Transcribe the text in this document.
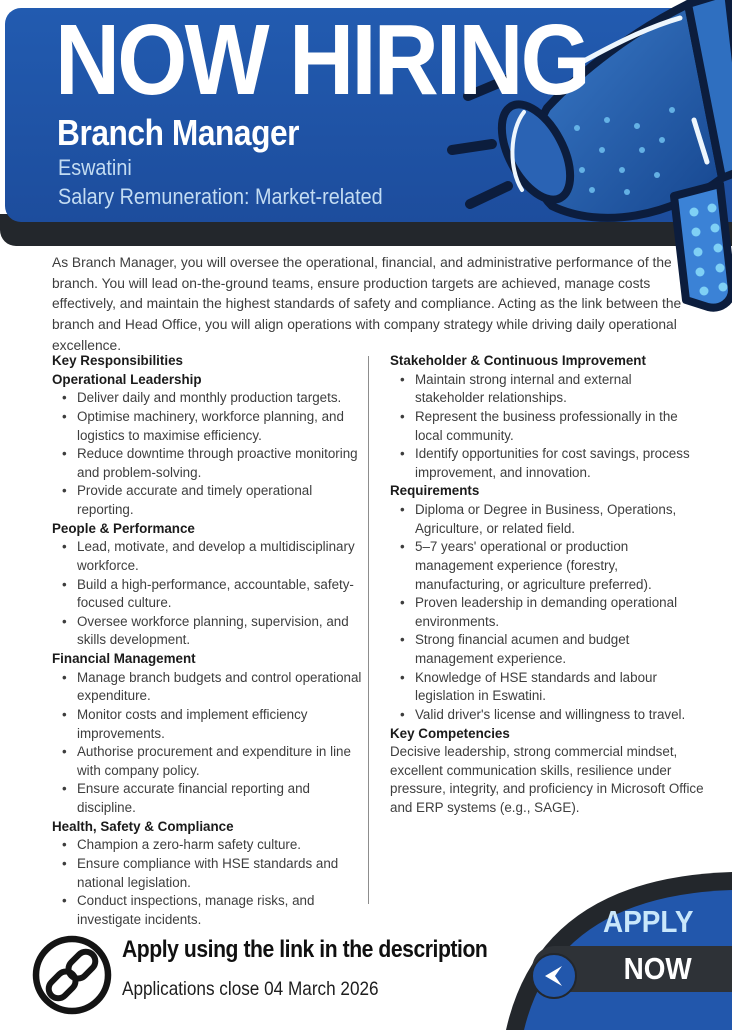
NOW HIRING
Branch Manager
Eswatini
Salary Remuneration: Market-related

As Branch Manager, you will oversee the operational, financial, and administrative performance of the branch. You will lead on-the-ground teams, ensure production targets are achieved, manage costs effectively, and maintain the highest standards of safety and compliance. Acting as the link between the branch and Head Office, you will align operations with company strategy while driving daily operational excellence.

Key Responsibilities
Operational Leadership
• Deliver daily and monthly production targets.
• Optimise machinery, workforce planning, and logistics to maximise efficiency.
• Reduce downtime through proactive monitoring and problem-solving.
• Provide accurate and timely operational reporting.
People & Performance
• Lead, motivate, and develop a multidisciplinary workforce.
• Build a high-performance, accountable, safety-focused culture.
• Oversee workforce planning, supervision, and skills development.
Financial Management
• Manage branch budgets and control operational expenditure.
• Monitor costs and implement efficiency improvements.
• Authorise procurement and expenditure in line with company policy.
• Ensure accurate financial reporting and discipline.
Health, Safety & Compliance
• Champion a zero-harm safety culture.
• Ensure compliance with HSE standards and national legislation.
• Conduct inspections, manage risks, and investigate incidents.
Stakeholder & Continuous Improvement
• Maintain strong internal and external stakeholder relationships.
• Represent the business professionally in the local community.
• Identify opportunities for cost savings, process improvement, and innovation.
Requirements
• Diploma or Degree in Business, Operations, Agriculture, or related field.
• 5–7 years' operational or production management experience (forestry, manufacturing, or agriculture preferred).
• Proven leadership in demanding operational environments.
• Strong financial acumen and budget management experience.
• Knowledge of HSE standards and labour legislation in Eswatini.
• Valid driver's license and willingness to travel.
Key Competencies

Decisive leadership, strong commercial mindset, excellent communication skills, resilience under pressure, integrity, and proficiency in Microsoft Office and ERP systems (e.g., SAGE).

Apply using the link in the description
Applications close 04 March 2026
APPLY
NOW
